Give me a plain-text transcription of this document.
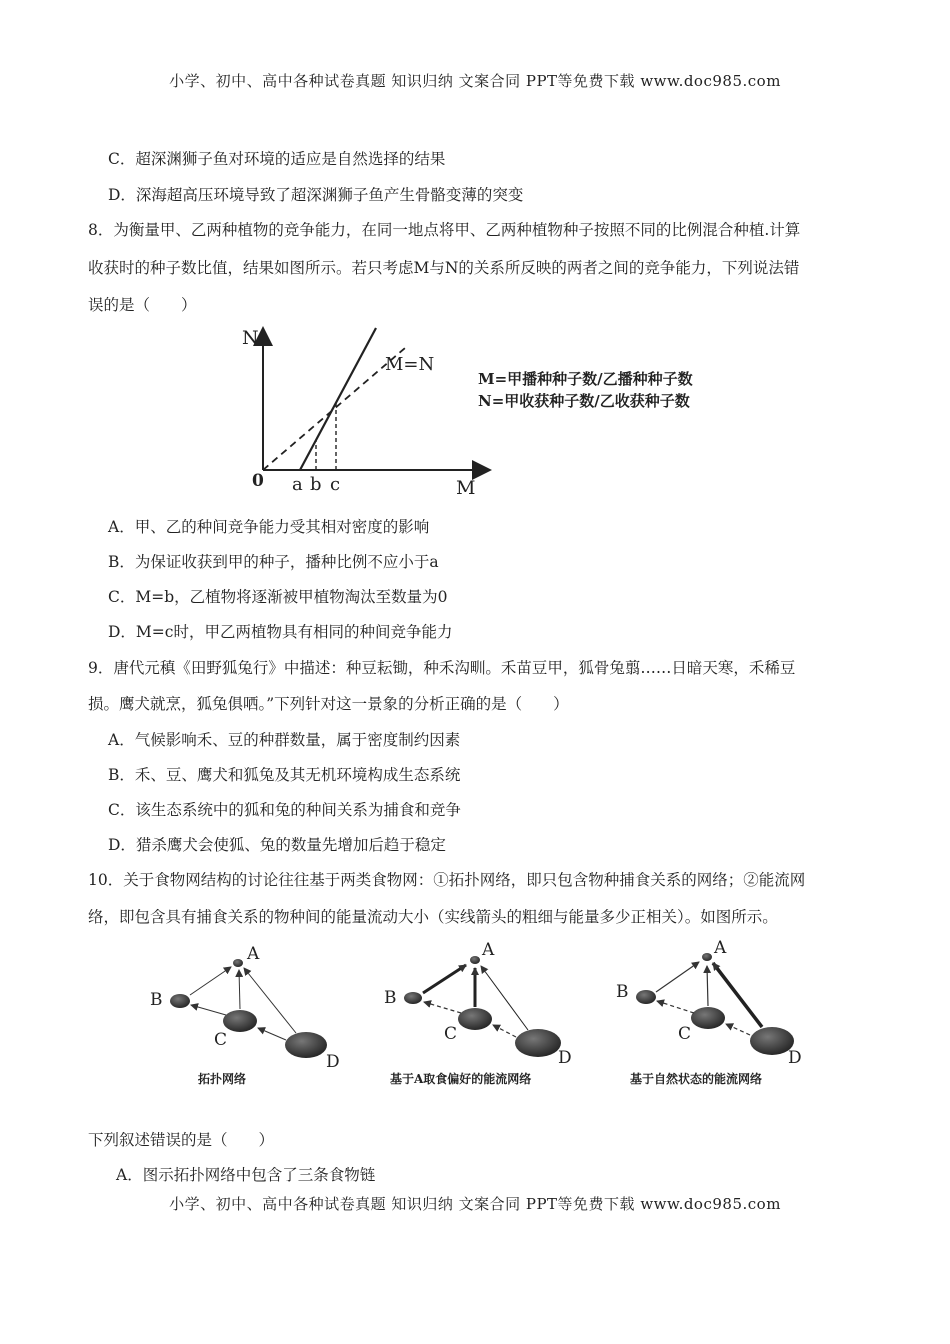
小学、初中、高中各种试卷真题 知识归纳 文案合同 PPT等免费下载 www.doc985.com
C．超深渊狮子鱼对环境的适应是自然选择的结果
D．深海超高压环境导致了超深渊狮子鱼产生骨骼变薄的突变
8．为衡量甲、乙两种植物的竞争能力，在同一地点将甲、乙两种植物种子按照不同的比例混合种植.计算
收获时的种子数比值，结果如图所示。若只考虑M与N的关系所反映的两者之间的竞争能力，下列说法错
误的是（　　）
N
M
0
M=N
a b c
M=甲播种种子数/乙播种种子数
N=甲收获种子数/乙收获种子数
A．甲、乙的种间竞争能力受其相对密度的影响
B．为保证收获到甲的种子，播种比例不应小于a
C．M=b，乙植物将逐渐被甲植物淘汰至数量为0
D．M=c时，甲乙两植物具有相同的种间竞争能力
9．唐代元稹《田野狐兔行》中描述：种豆耘锄，种禾沟甽。禾苗豆甲，狐骨兔翦……日暗天寒，禾稀豆
损。鹰犬就烹，狐兔俱哂。”下列针对这一景象的分析正确的是（　　）
A．气候影响禾、豆的种群数量，属于密度制约因素
B．禾、豆、鹰犬和狐兔及其无机环境构成生态系统
C．该生态系统中的狐和兔的种间关系为捕食和竞争
D．猎杀鹰犬会使狐、兔的数量先增加后趋于稳定
10．关于食物网结构的讨论往往基于两类食物网：①拓扑网络，即只包含物种捕食关系的网络；②能流网
络，即包含具有捕食关系的物种间的能量流动大小（实线箭头的粗细与能量多少正相关）。如图所示。
A
B
C
D
拓扑网络
A
B
C
D
基于A取食偏好的能流网络
A
B
C
D
基于自然状态的能流网络
下列叙述错误的是（　　）
A．图示拓扑网络中包含了三条食物链
小学、初中、高中各种试卷真题 知识归纳 文案合同 PPT等免费下载 www.doc985.com
